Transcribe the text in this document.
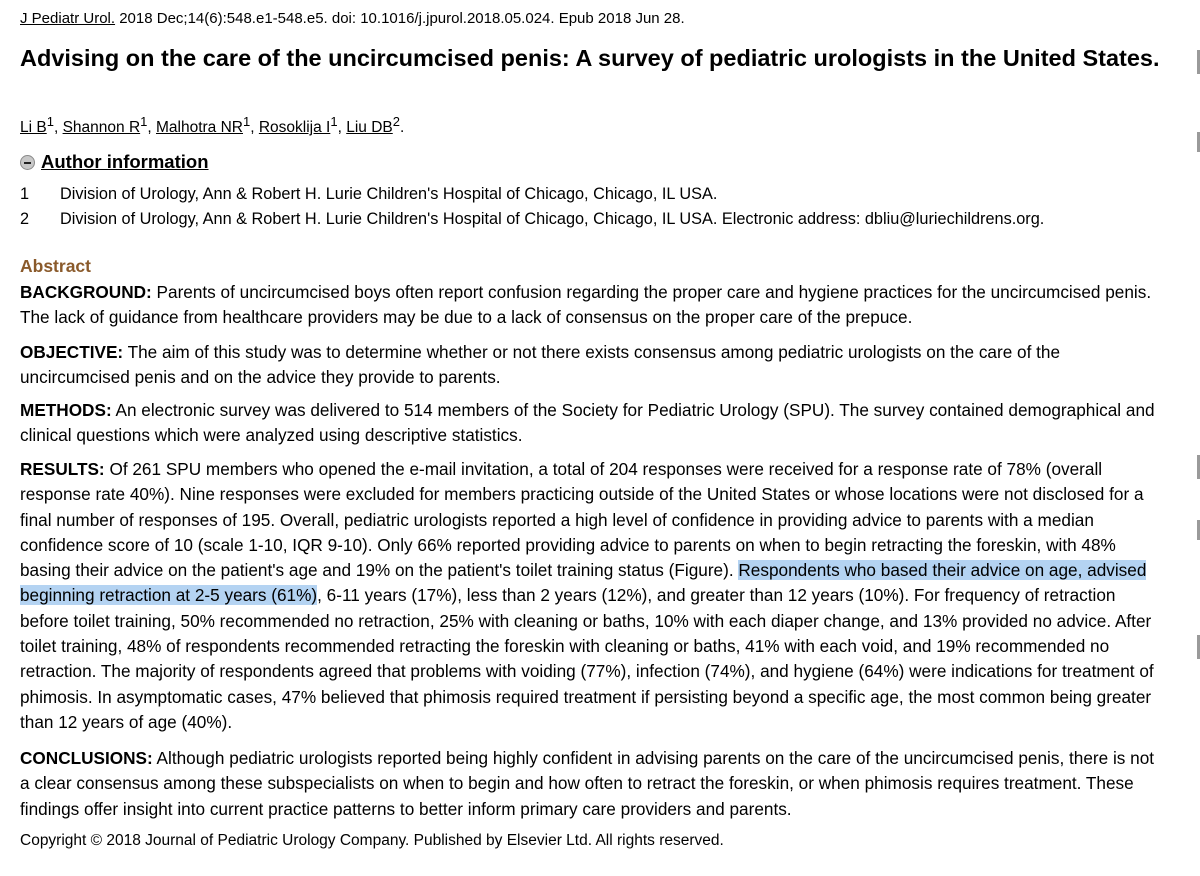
J Pediatr Urol. 2018 Dec;14(6):548.e1-548.e5. doi: 10.1016/j.jpurol.2018.05.024. Epub 2018 Jun 28.
Advising on the care of the uncircumcised penis: A survey of pediatric urologists in the United States.
Li $B^1$, Shannon $R^1$, Malhotra $NR^1$, Rosoklija $I^1$, Liu $DB^2$.
Author information
1 Division of Urology, Ann & Robert H. Lurie Children's Hospital of Chicago, Chicago, IL USA.
2 Division of Urology, Ann & Robert H. Lurie Children's Hospital of Chicago, Chicago, IL USA. Electronic address: dbliu@luriechildrens.org.
Abstract

BACKGROUND: Parents of uncircumcised boys often report confusion regarding the proper care and hygiene practices for the uncircumcised penis. The lack of guidance from healthcare providers may be due to a lack of consensus on the proper care of the prepuce.

OBJECTIVE: The aim of this study was to determine whether or not there exists consensus among pediatric urologists on the care of the uncircumcised penis and on the advice they provide to parents.

METHODS: An electronic survey was delivered to 514 members of the Society for Pediatric Urology (SPU). The survey contained demographical and clinical questions which were analyzed using descriptive statistics.

RESULTS: Of 261 SPU members who opened the e-mail invitation, a total of 204 responses were received for a response rate of 78% (overall response rate 40%). Nine responses were excluded for members practicing outside of the United States or whose locations were not disclosed for a final number of responses of 195. Overall, pediatric urologists reported a high level of confidence in providing advice to parents with a median confidence score of 10 (scale 1-10, IQR 9-10). Only 66% reported providing advice to parents on when to begin retracting the foreskin, with 48% basing their advice on the patient's age and 19% on the patient's toilet training status (Figure). Respondents who based their advice on age, advised beginning retraction at 2-5 years (61%), 6-11 years (17%), less than 2 years (12%), and greater than 12 years (10%). For frequency of retraction before toilet training, 50% recommended no retraction, 25% with cleaning or baths, 10% with each diaper change, and 13% provided no advice. After toilet training, 48% of respondents recommended retracting the foreskin with cleaning or baths, 41% with each void, and 19% recommended no retraction. The majority of respondents agreed that problems with voiding (77%), infection (74%), and hygiene (64%) were indications for treatment of phimosis. In asymptomatic cases, 47% believed that phimosis required treatment if persisting beyond a specific age, the most common being greater than 12 years of age (40%).

CONCLUSIONS: Although pediatric urologists reported being highly confident in advising parents on the care of the uncircumcised penis, there is not a clear consensus among these subspecialists on when to begin and how often to retract the foreskin, or when phimosis requires treatment. These findings offer insight into current practice patterns to better inform primary care providers and parents.

Copyright © 2018 Journal of Pediatric Urology Company. Published by Elsevier Ltd. All rights reserved.
